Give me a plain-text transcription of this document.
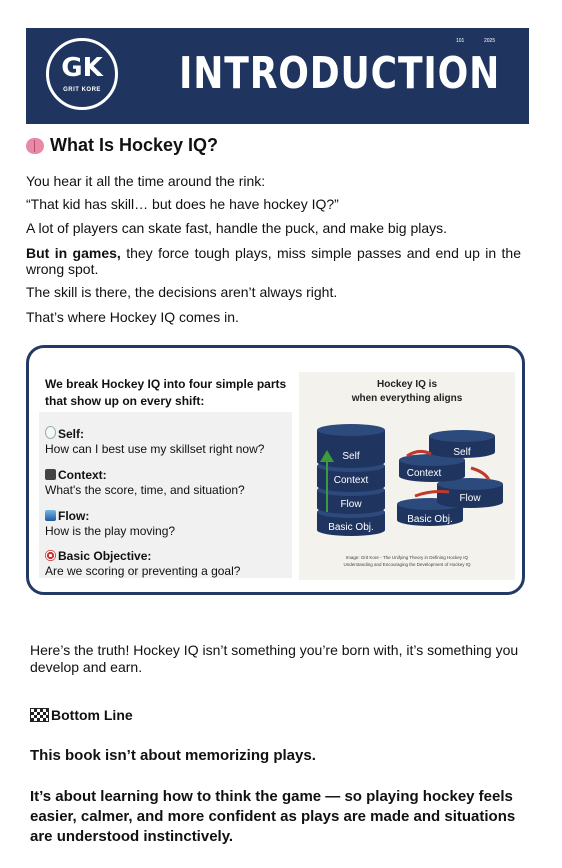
GK
GRIT KORE	INTRODUCTION
101	2025
What Is Hockey IQ?

You hear it all the time around the rink:

“That kid has skill… but does he have hockey IQ?”

A lot of players can skate fast, handle the puck, and make big plays.

But in games, they force tough plays, miss simple passes and end up in the wrong spot.

The skill is there, the decisions aren’t always right.

That’s where Hockey IQ comes in.

We break Hockey IQ into four simple parts that show up on every shift:
Self:
How can I best use my skillset right now?
Context:
What's the score, time, and situation?
Flow:
How is the play moving?
Basic Objective:
Are we scoring or preventing a goal?
Hockey IQ is
when everything aligns
Basic Obj.
Flow
Context
Self
Basic Obj.
Flow
Context
Self
Image: Grit Kore - The Unifying Theory in Defining Hockey IQ
Understanding and Encouraging the Development of Hockey IQ

Here’s the truth! Hockey IQ isn’t something you’re born with, it’s something you develop and earn.

Bottom Line

This book isn’t about memorizing plays.

It’s about learning how to think the game — so playing hockey feels easier, calmer, and more confident as plays are made and situations are understood instinctively.
